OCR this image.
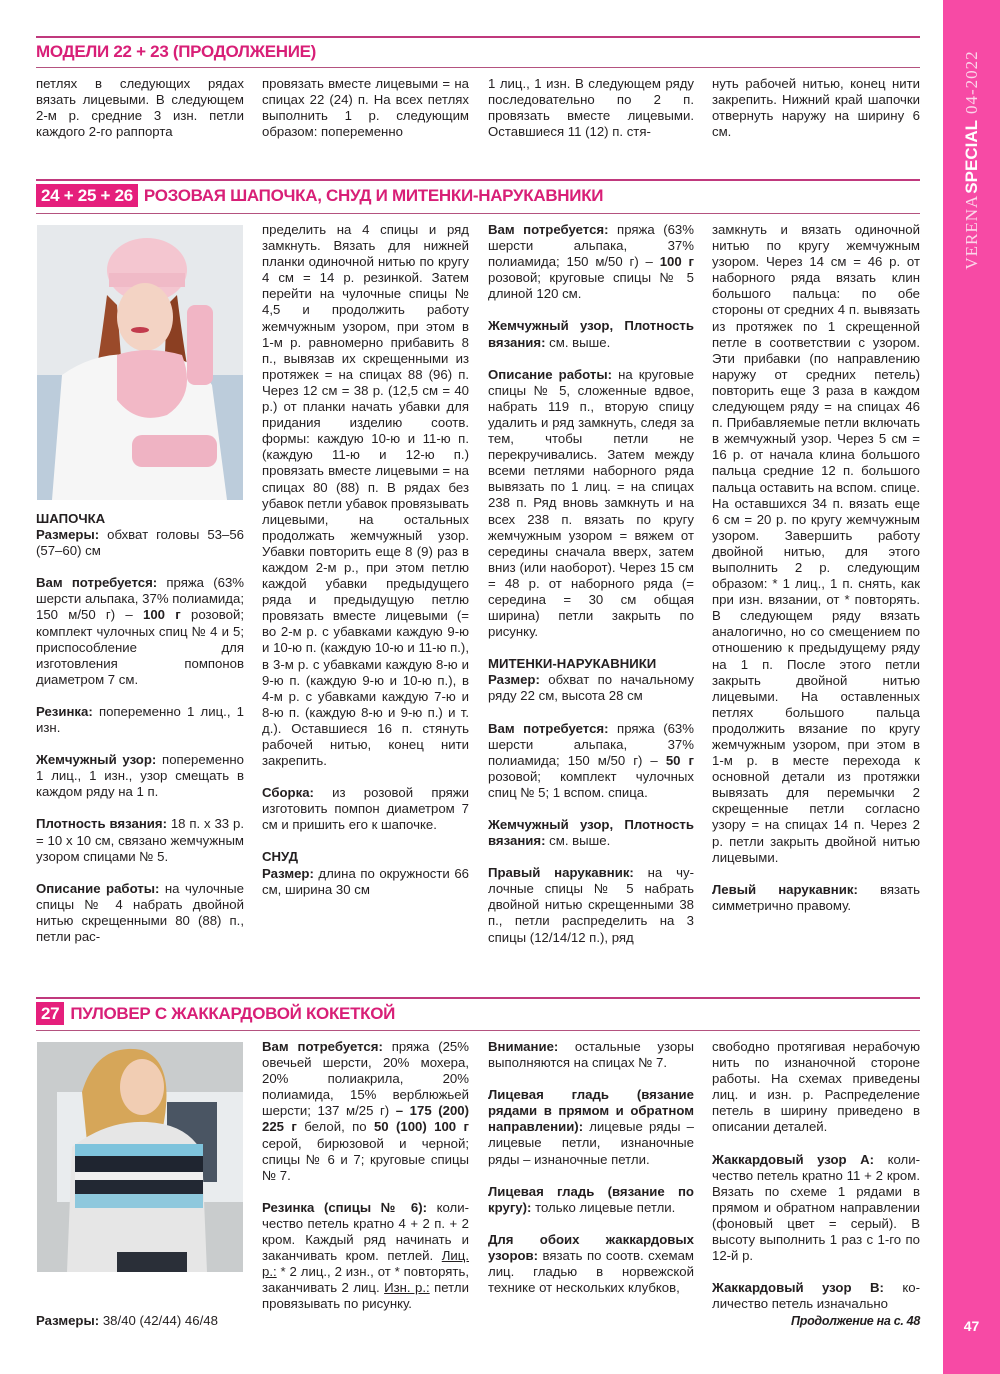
VERENASPECIAL04-2022
47
МОДЕЛИ 22 + 23 (ПРОДОЛЖЕНИЕ)
петлях в следующих рядах вязать лицевыми. В следующем 2-м р. средние 3 изн. петли каждого 2-го раппорта
провязать вместе лицевыми = на спицах 22 (24) п. На всех петлях выполнить 1 р. следующим образом: попеременно
1 лиц., 1 изн. В следующем ряду последовательно по 2 п. провязать вместе лицевыми. Оставшиеся 11 (12) п. стя-
нуть рабочей нитью, конец нити закрепить. Нижний край шапочки отвернуть наружу на ширину 6 см.
24 + 25 + 26 РОЗОВАЯ ШАПОЧКА, СНУД И МИТЕНКИ-НАРУКАВНИКИ

ШАПОЧКА
Размеры: обхват головы 53–56 (57–60) см

Вам потребуется: пряжа (63% шерсти альпака, 37% полиамида; 150 м/50 г) – 100 г розовой; комплект чулочных спиц № 4 и 5; приспособление для изготовления помпонов диаметром 7 см.

Резинка: попеременно 1 лиц., 1 изн.

Жемчужный узор: попеременно 1 лиц., 1 изн., узор смещать в каждом ряду на 1 п.

Плотность вязания: 18 п. х 33 р. = 10 х 10 см, связано жемчужным узором спицами № 5.

Описание работы: на чулочные спицы № 4 набрать двойной нитью скрещенными 80 (88) п., петли рас-

пределить на 4 спицы и ряд замкнуть. Вязать для нижней планки одиночной нитью по кругу 4 см = 14 р. резинкой. Затем перейти на чулочные спицы № 4,5 и продолжить работу жемчужным узором, при этом в 1-м р. равномерно прибавить 8 п., вывязав их скрещенными из протяжек = на спицах 88 (96) п. Через 12 см = 38 р. (12,5 см = 40 р.) от планки начать убавки для придания изделию соотв. формы: каждую 10-ю и 11-ю п. (каждую 11-ю и 12-ю п.) провязать вместе лицевыми = на спицах 80 (88) п. В рядах без убавок петли убавок провязывать лицевыми, на остальных продолжать жемчужный узор. Убавки повторить еще 8 (9) раз в каждом 2-м р., при этом петлю каждой убавки предыдущего ряда и предыдущую петлю провязать вместе лицевыми (= во 2-м р. с убавками каждую 9-ю и 10-ю п. (каждую 10-ю и 11-ю п.), в 3-м р. с убавками каждую 8-ю и 9-ю п. (каждую 9-ю и 10-ю п.), в 4-м р. с убавками каждую 7-ю и 8-ю п. (каждую 8-ю и 9-ю п.) и т. д.). Оставшиеся 16 п. стянуть рабочей нитью, конец нити закрепить.

Сборка: из розовой пряжи изготовить помпон диаметром 7 см и пришить его к шапочке.

СНУД
Размер: длина по окружности 66 см, ширина 30 см

Вам потребуется: пряжа (63% шерсти альпака, 37% полиамида; 150 м/50 г) – 100 г розовой; круговые спицы № 5 длиной 120 см.

Жемчужный узор, Плотность вязания: см. выше.

Описание работы: на круговые спицы № 5, сложенные вдвое, набрать 119 п., вторую спицу удалить и ряд замкнуть, следя за тем, чтобы петли не перекручивались. Затем между всеми петлями наборного ряда вывязать по 1 лиц. = на спицах 238 п. Ряд вновь замкнуть и на всех 238 п. вязать по кругу жемчужным узором = вяжем от середины сначала вверх, затем вниз (или наоборот). Через 15 см = 48 р. от наборного ряда (= середина = 30 см общая ширина) петли закрыть по рисунку.

МИТЕНКИ-НАРУКАВНИКИ
Размер: обхват по начальному ряду 22 см, высота 28 см

Вам потребуется: пряжа (63% шерсти альпака, 37% полиамида; 150 м/50 г) – 50 г розовой; комплект чулочных спиц № 5; 1 вспом. спица.

Жемчужный узор, Плотность вязания: см. выше.

Правый нарукавник: на чулочные спицы № 5 набрать двойной нитью скрещенными 38 п., петли распределить на 3 спицы (12/14/12 п.), ряд

замкнуть и вязать одиночной нитью по кругу жемчужным узором. Через 14 см = 46 р. от наборного ряда вязать клин большого пальца: по обе стороны от средних 4 п. вывязать из протяжек по 1 скрещенной петле в соответствии с узором. Эти прибавки (по направлению наружу от средних петель) повторить еще 3 раза в каждом следующем ряду = на спицах 46 п. Прибавляемые петли включать в жемчужный узор. Через 5 см = 16 р. от начала клина большого пальца средние 12 п. большого пальца оставить на вспом. спице. На оставшихся 34 п. вязать еще 6 см = 20 р. по кругу жемчужным узором. Завершить работу двойной нитью, для этого выполнить 2 р. следующим образом: * 1 лиц., 1 п. снять, как при изн. вязании, от * повторять. В следующем ряду вязать аналогично, но со смещением по отношению к предыдущему ряду на 1 п. После этого петли закрыть двойной нитью лицевыми. На оставленных петлях большого пальца продолжить вязание по кругу жемчужным узором, при этом в 1-м р. в месте перехода к основной детали из протяжки вывязать для перемычки 2 скрещенные петли согласно узору = на спицах 14 п. Через 2 р. петли закрыть двойной нитью лицевыми.

Левый нарукавник: вязать симметрично правому.

27 ПУЛОВЕР С ЖАККАРДОВОЙ КОКЕТКОЙ
Размеры: 38/40 (42/44) 46/48

Вам потребуется: пряжа (25% овечьей шерсти, 20% мохера, 20% полиакрила, 20% полиамида, 15% верблюжьей шерсти; 137 м/25 г) – 175 (200) 225 г белой, по 50 (100) 100 г серой, бирюзовой и черной; спицы № 6 и 7; круговые спицы № 7.

Резинка (спицы № 6): количество петель кратно 4 + 2 п. + 2 кром. Каждый ряд начинать и заканчивать кром. петлей. Лиц. р.: * 2 лиц., 2 изн., от * повторять, заканчивать 2 лиц. Изн. р.: петли провязывать по рисунку.

Внимание: остальные узоры выполняются на спицах № 7.

Лицевая гладь (вязание рядами в прямом и обратном направлении): лицевые ряды – лицевые петли, изнаночные ряды – изнаночные петли.

Лицевая гладь (вязание по кругу): только лицевые петли.

Для обоих жаккардовых узоров: вязать по соотв. схемам лиц. гладью в норвежской технике от нескольких клубков,

свободно протягивая нерабочую нить по изнаночной стороне работы. На схемах приведены лиц. и изн. р. Распределение петель в ширину приведено в описании деталей.

Жаккардовый узор А: количество петель кратно 11 + 2 кром. Вязать по схеме 1 рядами в прямом и обратном направлении (фоновый цвет = серый). В высоту выполнить 1 раз с 1-го по 12-й р.

Жаккардовый узор В: количество петель изначально

Продолжение на с. 48
